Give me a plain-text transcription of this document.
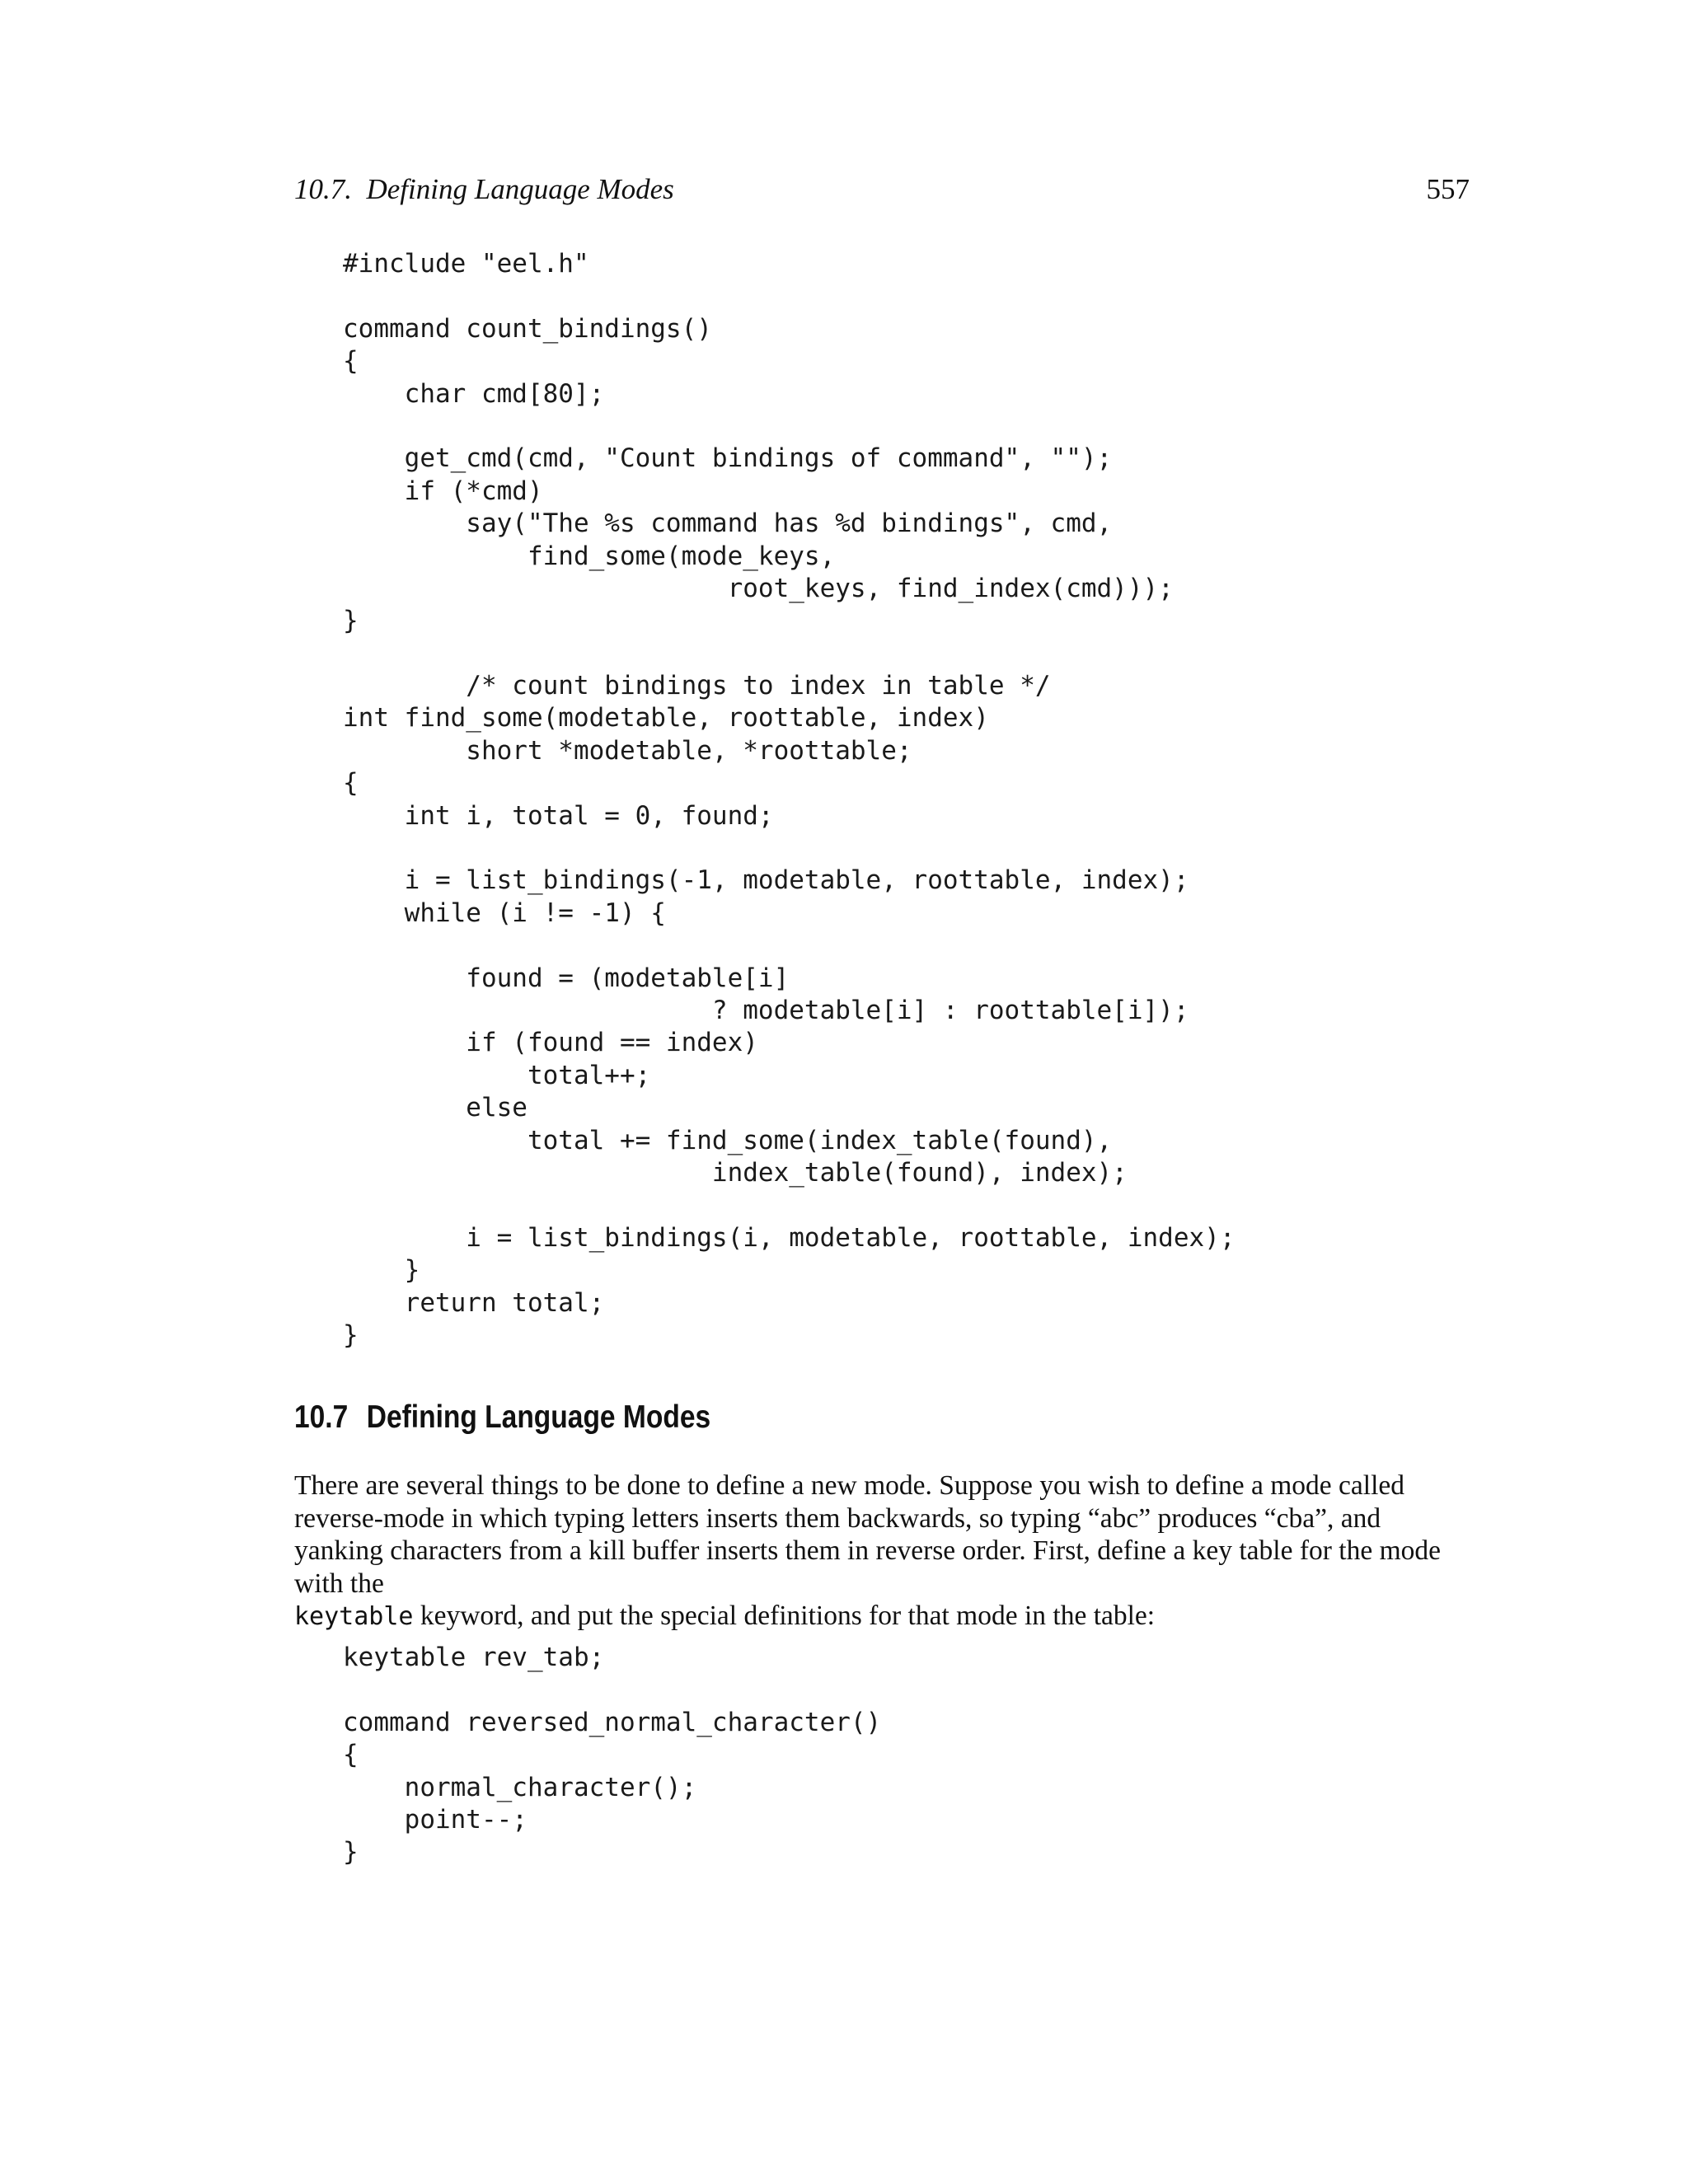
10.7.  Defining Language Modes	557
#include "eel.h"
command count_bindings()
{
char cmd[80];
get_cmd(cmd, "Count bindings of command", "");
if (*cmd)
say("The %s command has %d bindings", cmd,
find_some(mode_keys,
root_keys, find_index(cmd)));
}
/* count bindings to index in table */
int find_some(modetable, roottable, index)
short *modetable, *roottable;
{
int i, total = 0, found;
i = list_bindings(-1, modetable, roottable, index);
while (i != -1) {
found = (modetable[i]
? modetable[i] : roottable[i]);
if (found == index)
total++;
else
total += find_some(index_table(found),
index_table(found), index);
i = list_bindings(i, modetable, roottable, index);
}
return total;
}
10.7 Defining Language Modes

There are several things to be done to define a new mode. Suppose you wish to define a mode called reverse-mode in which typing letters inserts them backwards, so typing “abc” produces “cba”, and yanking characters from a kill buffer inserts them in reverse order. First, define a key table for the mode with the
keytable keyword, and put the special definitions for that mode in the table:

keytable rev_tab;
command reversed_normal_character()
{
normal_character();
point--;
}
